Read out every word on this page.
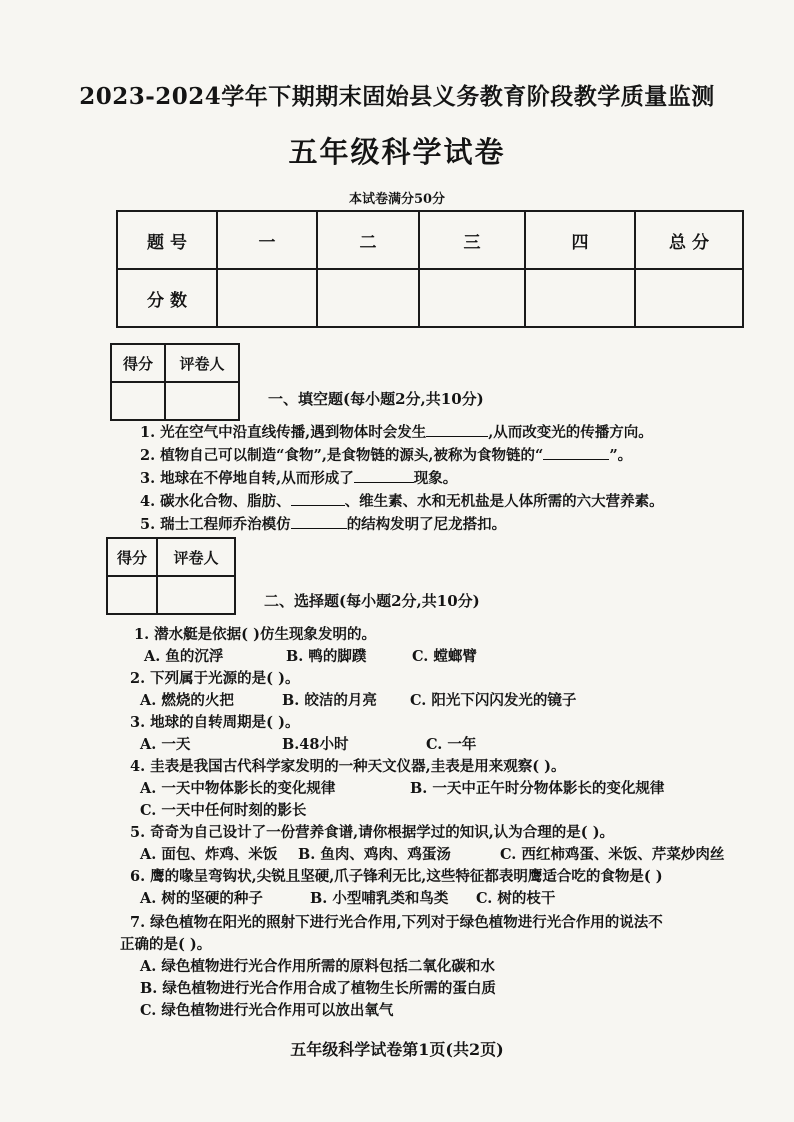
2023-2024学年下期期末固始县义务教育阶段教学质量监测
五年级科学试卷
本试卷满分50分
题 号	一	二	三	四	总 分
分 数					
得分	评卷人

一、填空题(每小题2分,共10分)
1. 光在空气中沿直线传播,遇到物体时会发生	,从而改变光的传播方向。
2. 植物自己可以制造“食物”,是食物链的源头,被称为食物链的“	”。
3. 地球在不停地自转,从而形成了	现象。
4. 碳水化合物、脂肪、	、维生素、水和无机盐是人体所需的六大营养素。
5. 瑞士工程师乔治模仿	的结构发明了尼龙搭扣。
得分	评卷人

二、选择题(每小题2分,共10分)
1. 潜水艇是依据( )仿生现象发明的。
A. 鱼的沉浮	B. 鸭的脚蹼	C. 螳螂臂
2. 下列属于光源的是( )。
A. 燃烧的火把	B. 皎洁的月亮 C. 阳光下闪闪发光的镜子
3. 地球的自转周期是( )。
A. 一天	B.48小时	C. 一年
4. 圭表是我国古代科学家发明的一种天文仪器,圭表是用来观察( )。
A. 一天中物体影长的变化规律	B. 一天中正午时分物体影长的变化规律
C. 一天中任何时刻的影长
5. 奇奇为自己设计了一份营养食谱,请你根据学过的知识,认为合理的是( )。
A. 面包、炸鸡、米饭 B. 鱼肉、鸡肉、鸡蛋汤	C. 西红柿鸡蛋、米饭、芹菜炒肉丝
6. 鹰的喙呈弯钩状,尖锐且坚硬,爪子锋利无比,这些特征都表明鹰适合吃的食物是( )
A. 树的坚硬的种子	B. 小型哺乳类和鸟类 C. 树的枝干
7. 绿色植物在阳光的照射下进行光合作用,下列对于绿色植物进行光合作用的说法不
正确的是( )。
A. 绿色植物进行光合作用所需的原料包括二氧化碳和水
B. 绿色植物进行光合作用合成了植物生长所需的蛋白质
C. 绿色植物进行光合作用可以放出氧气
五年级科学试卷第1页(共2页)
